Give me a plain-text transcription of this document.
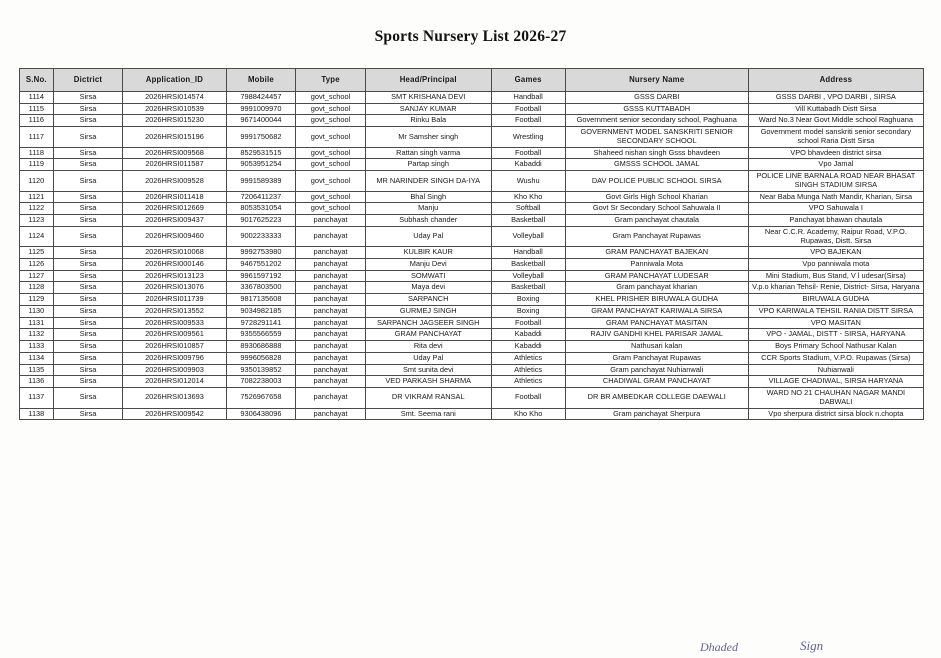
Sports Nursery List 2026-27
S.No.	Dictrict	Application_ID	Mobile	Type	Head/Principal	Games	Nursery Name	Address
1114	Sirsa	2026HRSI014574	7988424457	govt_school	SMT KRISHANA DEVI	Handball	GSSS DARBI	GSSS DARBI , VPO DARBI , SIRSA
1115	Sirsa	2026HRSI010539	9991009970	govt_school	SANJAY KUMAR	Football	GSSS KUTTABADH	Vill Kuttabadh Distt Sirsa
1116	Sirsa	2026HRSI015230	9671400044	govt_school	Rinku Bala	Football	Government senior secondary school, Paghuana	Ward No.3 Near Govt Middle school Raghuana
1117	Sirsa	2026HRSI015196	9991750682	govt_school	Mr Samsher singh	Wrestling	GOVERNMENT MODEL SANSKRITI SENIOR SECONDARY SCHOOL	Government model sanskriti senior secondary school Raria Distt Sirsa
1118	Sirsa	2026HRSI009568	8529531515	govt_school	Rattan singh varma	Football	Shaheed nishan singh Gsss bhavdeen	VPO bhavdeen district sirsa
1119	Sirsa	2026HRSI011587	9053951254	govt_school	Partap singh	Kabaddi	GMSSS SCHOOL JAMAL	Vpo Jamal
1120	Sirsa	2026HRSI009528	9991589389	govt_school	MR NARINDER SINGH DA-IYA	Wushu	DAV POLICE PUBLIC SCHOOL SIRSA	POLICE LINE BARNALA ROAD NEAR BHASAT SINGH STADIUM SIRSA
1121	Sirsa	2026HRSI011418	7206411237	govt_school	Bhal Singh	Kho Kho	Govt Girls High School Kharian	Near Baba Munga Nath Mandir, Kharian, Sirsa
1122	Sirsa	2026HRSI012669	8053531054	govt_school	Manju	Softball	Govt Sr Secondary School Sahuwala II	VPO Sahuwala I
1123	Sirsa	2026HRSI009437	9017625223	panchayat	Subhash chander	Basketball	Gram panchayat chautala	Panchayat bhawan chautala
1124	Sirsa	2026HRSI009460	9002233333	panchayat	Uday Pal	Volleyball	Gram Panchayat Rupawas	Near C.C.R. Academy, Raipur Road, V.P.O. Rupawas, Distt. Sirsa
1125	Sirsa	2026HRSI010068	9992753980	panchayat	KULBIR KAUR	Handball	GRAM PANCHAYAT BAJEKAN	VPO BAJEKAN
1126	Sirsa	2026HRSI000146	9467551202	panchayat	Manju Devi	Basketball	Panniwala Mota	Vpo panniwala mota
1127	Sirsa	2026HRSI013123	9961597192	panchayat	SOMWATI	Volleyball	GRAM PANCHAYAT LUDESAR	Mini Stadium, Bus Stand, V l udesar(Sirsa)
1128	Sirsa	2026HRSI013076	3367803500	panchayat	Maya devi	Basketball	Gram panchayat kharian	V.p.o kharian Tehsil- Renie, District- Sirsa, Haryana
1129	Sirsa	2026HRSI011739	9817135608	panchayat	SARPANCH	Boxing	KHEL PRISHER BIRUWALA GUDHA	BIRUWALA GUDHA
1130	Sirsa	2026HRSI013552	9034982185	panchayat	GURMEJ SINGH	Boxing	GRAM PANCHAYAT KARIWALA SIRSA	VPO KARIWALA TEHSIL RANIA DISTT SIRSA
1131	Sirsa	2026HRSI009533	9728291141	panchayat	SARPANCH JAGSEER SINGH	Football	GRAM PANCHAYAT MASITAN	VPO MASITAN
1132	Sirsa	2026HRSI009561	9355566559	panchayat	GRAM PANCHAYAT	Kabaddi	RAJIV GANDHI KHEL PARISAR JAMAL	VPO - JAMAL, DISTT - SIRSA, HARYANA
1133	Sirsa	2026HRSI010857	8930686888	panchayat	Rita devi	Kabaddi	Nathusari kalan	Boys Primary School Nathusar Kalan
1134	Sirsa	2026HRSI009796	9996056828	panchayat	Uday Pal	Athletics	Gram Panchayat Rupawas	CCR Sports Stadium, V.P.O. Rupawas (Sirsa)
1135	Sirsa	2026HRSI009903	9350139852	panchayat	Smt sunita devi	Athletics	Gram panchayat Nuhianwali	Nuhianwali
1136	Sirsa	2026HRSI012014	7082238003	panchayat	VED PARKASH SHARMA	Athletics	CHADIWAL GRAM PANCHAYAT	VILLAGE CHADIWAL, SIRSA HARYANA
1137	Sirsa	2026HRSI013693	7526967658	panchayat	DR VIKRAM RANSAL	Football	DR BR AMBEDKAR COLLEGE DAEWALI	WARD NO 21 CHAUHAN NAGAR MANDI DABWALI
1138	Sirsa	2026HRSI009542	9306438096	panchayat	Smt. Seema rani	Kho Kho	Gram panchayat Sherpura	Vpo sherpura district sirsa block n.chopta
Dhaded	Sign
